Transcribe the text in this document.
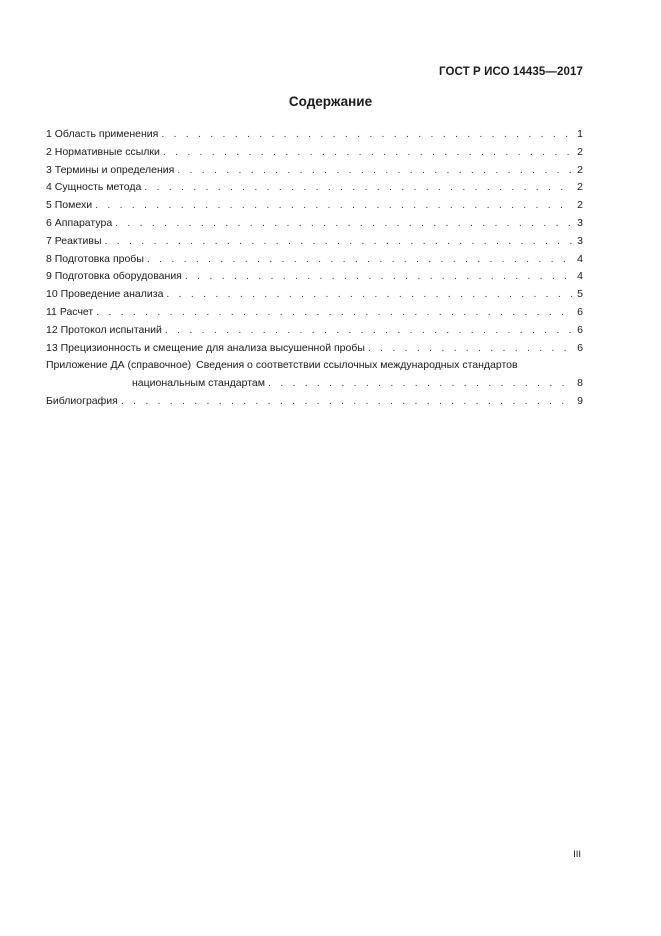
ГОСТ Р ИСО 14435—2017
Содержание
1 Область применения . . .	1
2 Нормативные ссылки . . .	2
3 Термины и определения . . .	2
4 Сущность метода . . .	2
5 Помехи . . .	2
6 Аппаратура . . .	3
7 Реактивы . . .	3
8 Подготовка пробы . . .	4
9 Подготовка оборудования . . .	4
10 Проведение анализа . . .	5
11 Расчет . . .	6
12 Протокол испытаний . . .	6
13 Прецизионность и смещение для анализа высушенной пробы . . .	6
Приложение ДА (справочное) Сведения о соответствии ссылочных международных стандартов
национальным стандартам . . .	8
Библиография . . .	9
III
